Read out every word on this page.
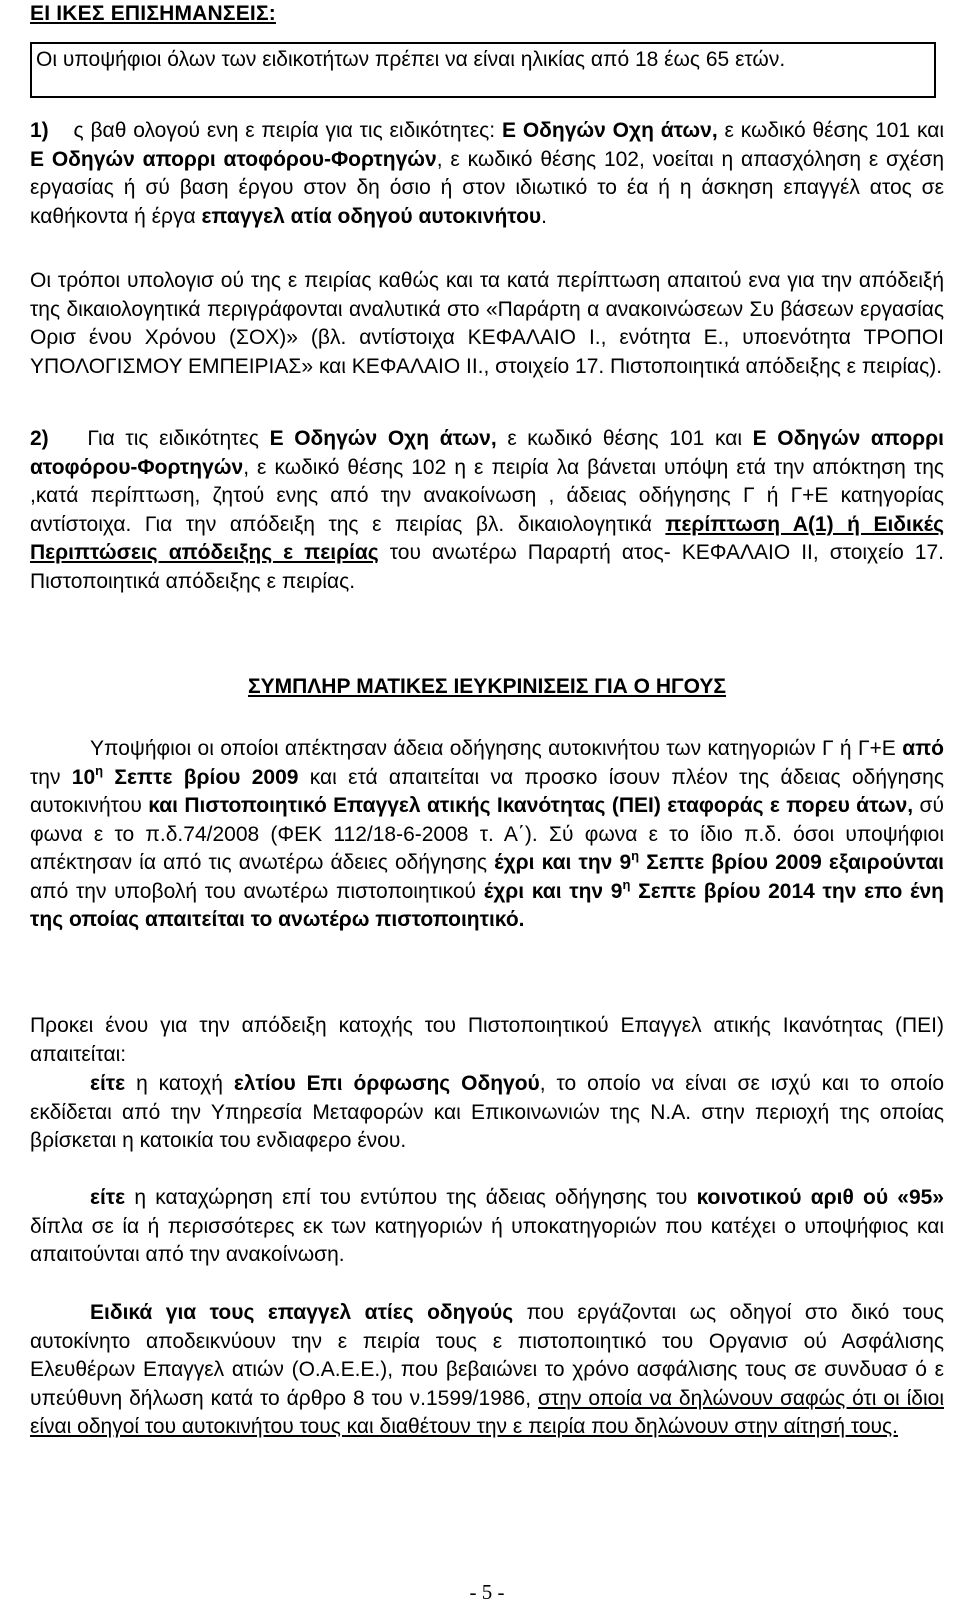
ΕΙ ΙΚΕΣ ΕΠΙΣΗΜΑΝΣΕΙΣ:
Οι υποψήφιοι όλων των ειδικοτήτων πρέπει να είναι ηλικίας από 18 έως 65 ετών.
1) ς βαθ ολογού ενη ε πειρία για τις ειδικότητες: Ε Οδηγών Οχη άτων, ε κωδικό θέσης 101 και Ε Οδηγών απορρι ατοφόρου-Φορτηγών, ε κωδικό θέσης 102, νοείται η απασχόληση ε σχέση εργασίας ή σύ βαση έργου στον δη όσιο ή στον ιδιωτικό το έα ή η άσκηση επαγγέλ ατος σε καθήκοντα ή έργα επαγγελ ατία οδηγού αυτοκινήτου.
Οι τρόποι υπολογισ ού της ε πειρίας καθώς και τα κατά περίπτωση απαιτού ενα για την απόδειξή της δικαιολογητικά περιγράφονται αναλυτικά στο «Παράρτη α ανακοινώσεων Συ βάσεων εργασίας Ορισ ένου Χρόνου (ΣΟΧ)» (βλ. αντίστοιχα ΚΕΦΑΛΑΙΟ Ι., ενότητα Ε., υποενότητα ΤΡΟΠΟΙ ΥΠΟΛΟΓΙΣΜΟΥ ΕΜΠΕΙΡΙΑΣ» και ΚΕΦΑΛΑΙΟ ΙΙ., στοιχείο 17. Πιστοποιητικά απόδειξης ε πειρίας).
2) Για τις ειδικότητες Ε Οδηγών Οχη άτων, ε κωδικό θέσης 101 και Ε Οδηγών απορρι ατοφόρου-Φορτηγών, ε κωδικό θέσης 102 η ε πειρία λα βάνεται υπόψη ετά την απόκτηση της ,κατά περίπτωση, ζητού ενης από την ανακοίνωση , άδειας οδήγησης Γ ή Γ+Ε κατηγορίας αντίστοιχα. Για την απόδειξη της ε πειρίας βλ. δικαιολογητικά περίπτωση Α(1) ή Ειδικές Περιπτώσεις απόδειξης ε πειρίας του ανωτέρω Παραρτή ατος- ΚΕΦΑΛΑΙΟ ΙΙ, στοιχείο 17. Πιστοποιητικά απόδειξης ε πειρίας.
ΣΥΜΠΛΗΡ ΜΑΤΙΚΕΣ ΙΕΥΚΡΙΝΙΣΕΙΣ ΓΙΑ Ο ΗΓΟΥΣ
Υποψήφιοι οι οποίοι απέκτησαν άδεια οδήγησης αυτοκινήτου των κατηγοριών Γ ή Γ+Ε από την $10^\eta$ Σεπτε βρίου 2009 και ετά απαιτείται να προσκο ίσουν πλέον της άδειας οδήγησης αυτοκινήτου και Πιστοποιητικό Επαγγελ ατικής Ικανότητας (ΠΕΙ) εταφοράς ε πορευ άτων, σύ φωνα ε το π.δ.74/2008 (ΦΕΚ 112/18-6-2008 τ. Α΄). Σύ φωνα ε το ίδιο π.δ. όσοι υποψήφιοι απέκτησαν ία από τις ανωτέρω άδειες οδήγησης έχρι και την $9^\eta$ Σεπτε βρίου 2009 εξαιρούνται από την υποβολή του ανωτέρω πιστοποιητικού έχρι και την $9^\eta$ Σεπτε βρίου 2014 την επο ένη της οποίας απαιτείται το ανωτέρω πιστοποιητικό.
Προκει ένου για την απόδειξη κατοχής του Πιστοποιητικού Επαγγελ ατικής Ικανότητας (ΠΕΙ) απαιτείται:
είτε η κατοχή ελτίου Επι όρφωσης Οδηγού, το οποίο να είναι σε ισχύ και το οποίο εκδίδεται από την Υπηρεσία Μεταφορών και Επικοινωνιών της Ν.Α. στην περιοχή της οποίας βρίσκεται η κατοικία του ενδιαφερο ένου.
είτε η καταχώρηση επί του εντύπου της άδειας οδήγησης του κοινοτικού αριθ ού «95» δίπλα σε ία ή περισσότερες εκ των κατηγοριών ή υποκατηγοριών που κατέχει ο υποψήφιος και απαιτούνται από την ανακοίνωση.
Ειδικά για τους επαγγελ ατίες οδηγούς που εργάζονται ως οδηγοί στο δικό τους αυτοκίνητο αποδεικνύουν την ε πειρία τους ε πιστοποιητικό του Οργανισ ού Ασφάλισης Ελευθέρων Επαγγελ ατιών (Ο.Α.Ε.Ε.), που βεβαιώνει το χρόνο ασφάλισης τους σε συνδυασ ό ε υπεύθυνη δήλωση κατά το άρθρο 8 του ν.1599/1986, στην οποία να δηλώνουν σαφώς ότι οι ίδιοι είναι οδηγοί του αυτοκινήτου τους και διαθέτουν την ε πειρία που δηλώνουν στην αίτησή τους.
- 5 -
